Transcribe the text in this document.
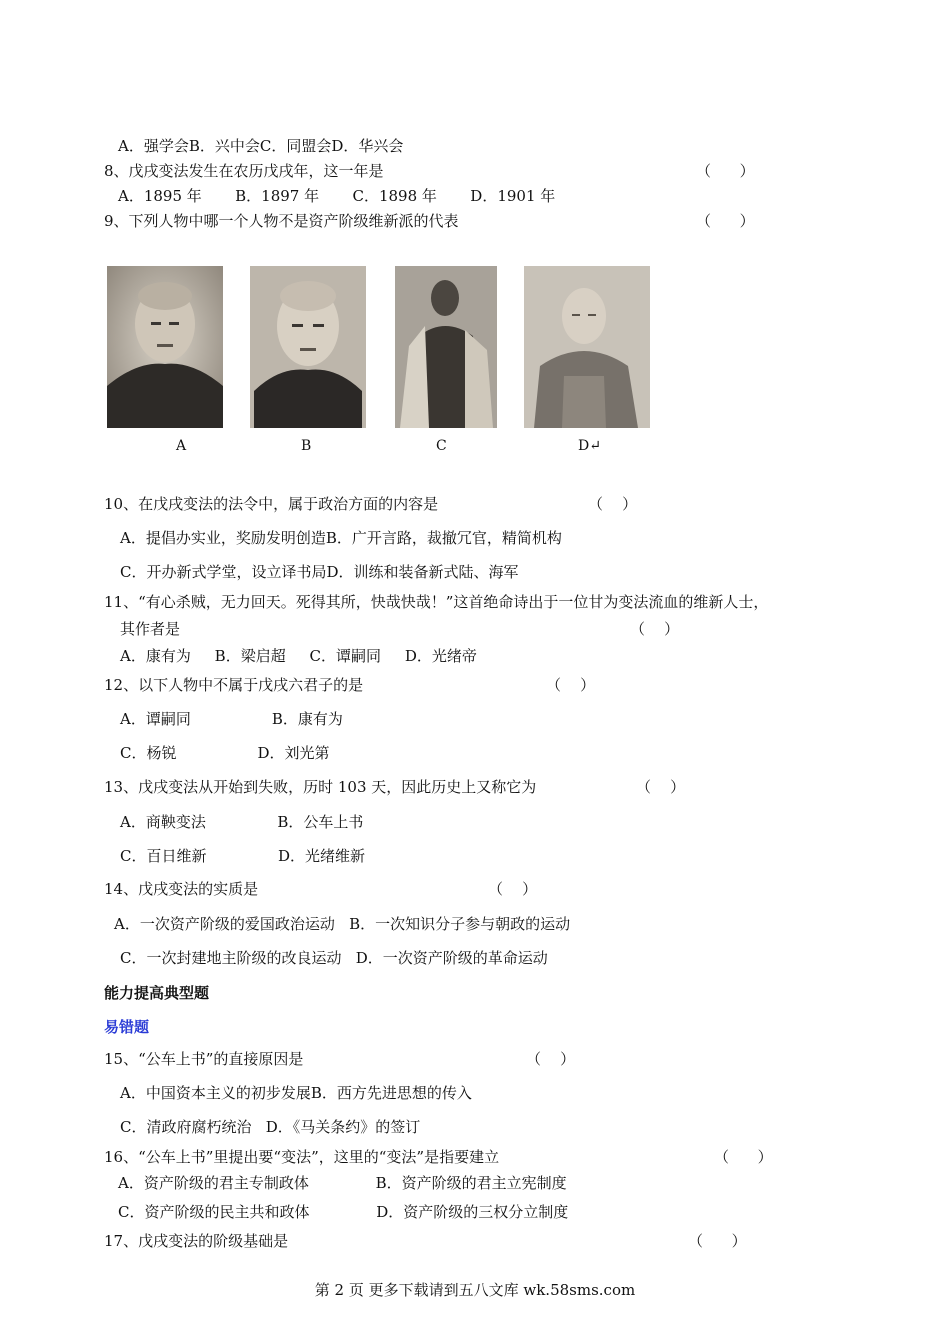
A．强学会B．兴中会C．同盟会D．华兴会
8、戊戌变法发生在农历戊戌年，这一年是	（      ）
A．1895 年       B．1897 年       C．1898 年       D．1901 年
9、下列人物中哪一个人物不是资产阶级维新派的代表	（      ）
A	B	C	D↵
10、在戊戌变法的法令中，属于政治方面的内容是	（    ）
A．提倡办实业，奖励发明创造B．广开言路，裁撤冗官，精简机构
C．开办新式学堂，设立译书局D．训练和装备新式陆、海军
11、“有心杀贼，无力回天。死得其所，快哉快哉！”这首绝命诗出于一位甘为变法流血的维新人士，
其作者是	（    ）
A．康有为     B．梁启超     C．谭嗣同     D．光绪帝
12、以下人物中不属于戊戌六君子的是	（    ）
A．谭嗣同                 B．康有为
C．杨锐                 D．刘光第
13、戊戌变法从开始到失败，历时 103 天，因此历史上又称它为	（    ）
A．商鞅变法               B．公车上书
C．百日维新               D．光绪维新
14、戊戌变法的实质是	（    ）
A．一次资产阶级的爱国政治运动   B．一次知识分子参与朝政的运动
C．一次封建地主阶级的改良运动   D．一次资产阶级的革命运动
能力提高典型题
易错题
15、“公车上书”的直接原因是	（    ）
A．中国资本主义的初步发展B．西方先进思想的传入
C．清政府腐朽统治   D．《马关条约》的签订
16、“公车上书”里提出要“变法”，这里的“变法”是指要建立	（      ）
A．资产阶级的君主专制政体              B．资产阶级的君主立宪制度
C．资产阶级的民主共和政体              D．资产阶级的三权分立制度
17、戊戌变法的阶级基础是	（      ）
第 2 页 更多下载请到五八文库 wk.58sms.com
